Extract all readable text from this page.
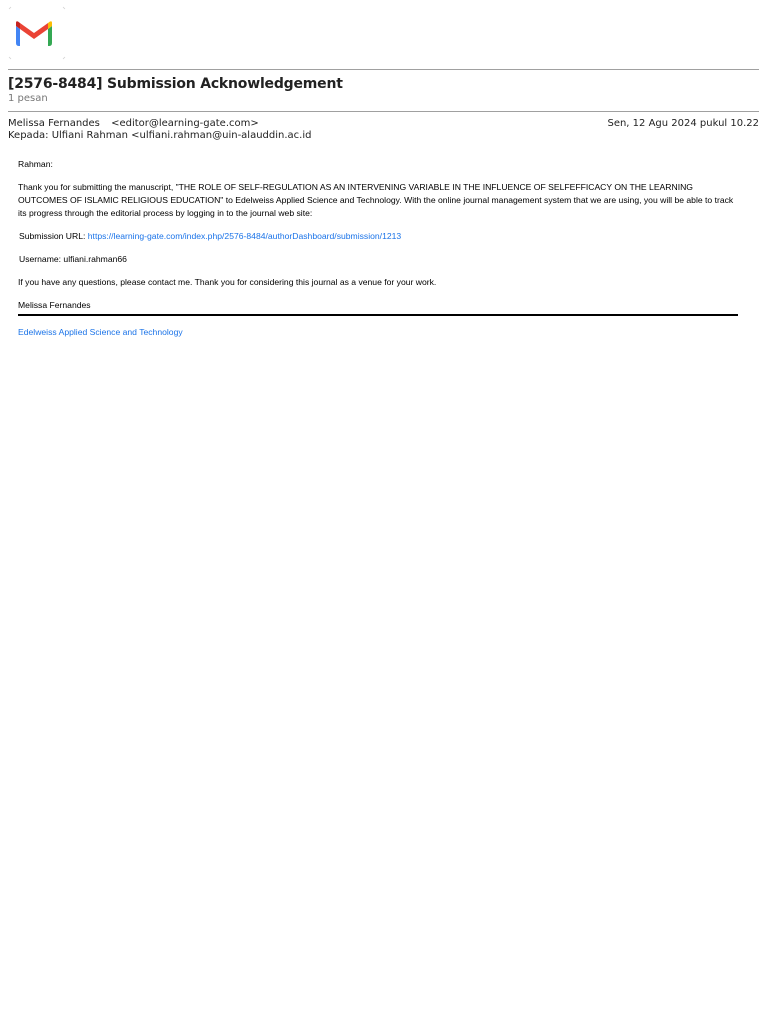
[2576-8484] Submission Acknowledgement
1 pesan
Melissa Fernandes <editor@learning-gate.com>
Kepada: Ulfiani Rahman <ulfiani.rahman@uin-alauddin.ac.id
Sen, 12 Agu 2024 pukul 10.22

Rahman:

Thank you for submitting the manuscript, "THE ROLE OF SELF-REGULATION AS AN INTERVENING VARIABLE IN THE INFLUENCE OF SELFEFFICACY ON THE LEARNING OUTCOMES OF ISLAMIC RELIGIOUS EDUCATION" to Edelweiss Applied Science and Technology. With the online journal management system that we are using, you will be able to track its progress through the editorial process by logging in to the journal web site:

Submission URL: https://learning-gate.com/index.php/2576-8484/authorDashboard/submission/1213

Username: ulfiani.rahman66

If you have any questions, please contact me. Thank you for considering this journal as a venue for your work.

Melissa Fernandes

Edelweiss Applied Science and Technology
